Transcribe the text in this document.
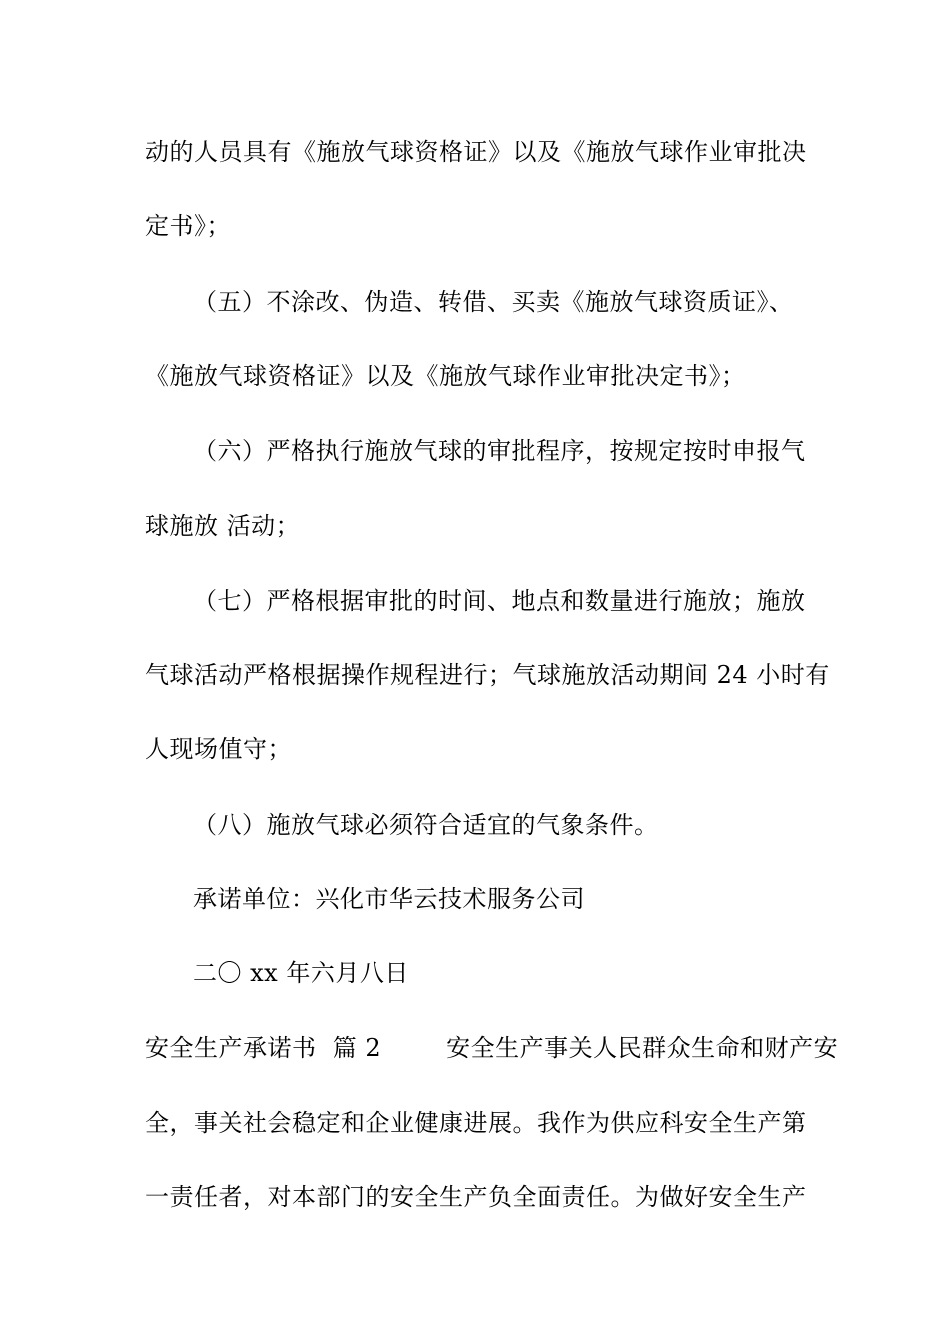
动的人员具有《施放气球资格证》以及《施放气球作业审批决
定书》；
（五）不涂改、伪造、转借、买卖《施放气球资质证》、
《施放气球资格证》以及《施放气球作业审批决定书》；
（六）严格执行施放气球的审批程序，按规定按时申报气
球施放 活动；
（七）严格根据审批的时间、地点和数量进行施放；施放
气球活动严格根据操作规程进行；气球施放活动期间 24 小时有
人现场值守；
（八）施放气球必须符合适宜的气象条件。
承诺单位：兴化市华云技术服务公司
二〇 xx 年六月八日
安全生产承诺书  篇 2        安全生产事关人民群众生命和财产安
全，事关社会稳定和企业健康进展。我作为供应科安全生产第
一责任者，对本部门的安全生产负全面责任。为做好安全生产
